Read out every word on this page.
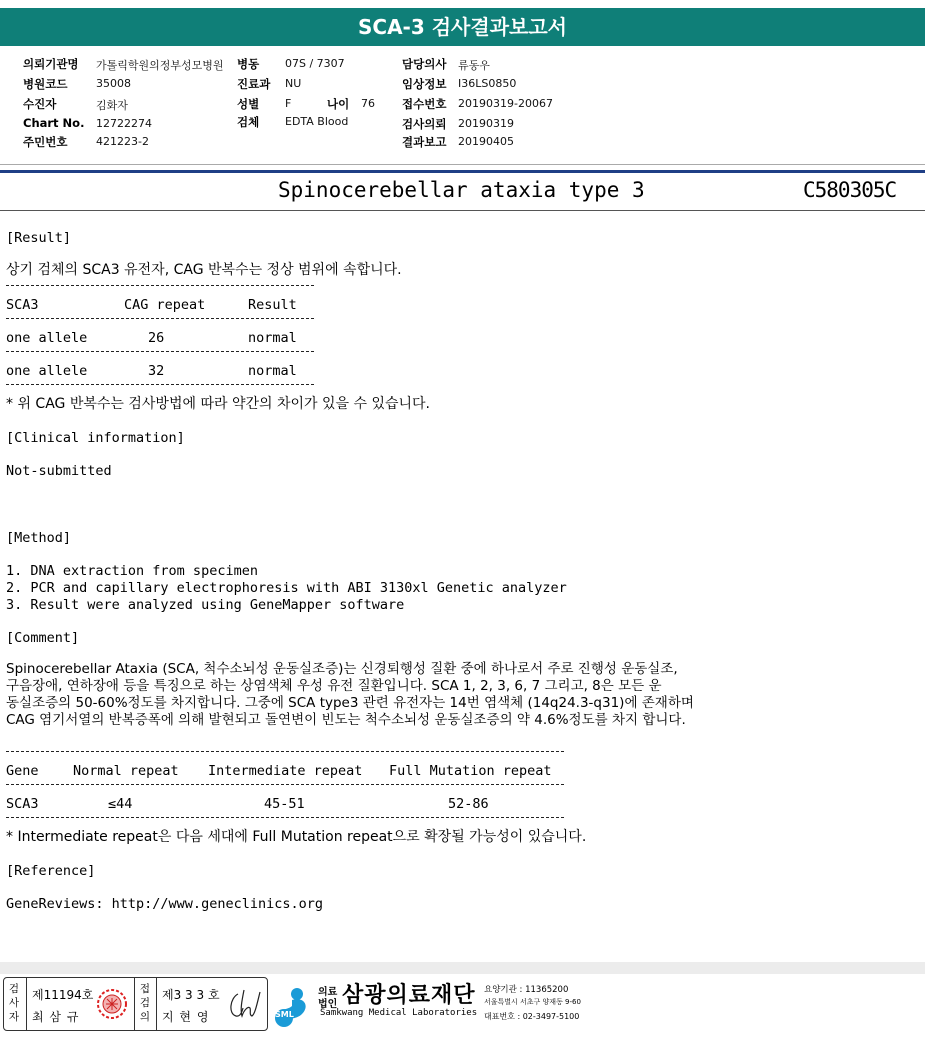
SCA-3 검사결과보고서
의뢰기관명 가톨릭학원의정부성모병원 병동 07S / 7307	담당의사 류동우
병원코드	35008	진료과 NU	임상정보 I36LS0850
수진자	김화자	성별 F	나이 76 접수번호 20190319-20067
Chart No. 12722274	검체 EDTA Blood	검사의뢰 20190319
주민번호	421223-2	결과보고 20190405
Spinocerebellar ataxia type 3	C580305C
[Result]
상기 검체의 SCA3 유전자, CAG 반복수는 정상 범위에 속합니다.
SCA3	CAG repeat	Result
one allele	26	normal
one allele	32	normal
* 위 CAG 반복수는 검사방법에 따라 약간의 차이가 있을 수 있습니다.
[Clinical information]
Not-submitted
[Method]
1. DNA extraction from specimen
2. PCR and capillary electrophoresis with ABI 3130xl Genetic analyzer
3. Result were analyzed using GeneMapper software
[Comment]
Spinocerebellar Ataxia (SCA, 척수소뇌성 운동실조증)는 신경퇴행성 질환 중에 하나로서 주로 진행성 운동실조,
구음장애, 연하장애 등을 특징으로 하는 상염색체 우성 유전 질환입니다. SCA 1, 2, 3, 6, 7 그리고, 8은 모든 운
동실조증의 50-60%정도를 차지합니다. 그중에 SCA type3 관련 유전자는 14번 염색체 (14q24.3-q31)에 존재하며
CAG 염기서열의 반복증폭에 의해 발현되고 돌연변이 빈도는 척수소뇌성 운동실조증의 약 4.6%정도를 차지 합니다.
Gene	Normal repeat Intermediate repeat Full Mutation repeat
SCA3	≤44	45-51	52-86
* Intermediate repeat은 다음 세대에 Full Mutation repeat으로 확장될 가능성이 있습니다.
[Reference]
GeneReviews: http://www.geneclinics.org
검사자
제11194호
최 삼 규
접검의
제3 3 3 호
지 현 영	SML
의료
법인 삼광의료재단
Samkwang Medical Laboratories
요양기관 : 11365200
서울특별시 서초구 양재동 9-60
대표번호 : 02-3497-5100
